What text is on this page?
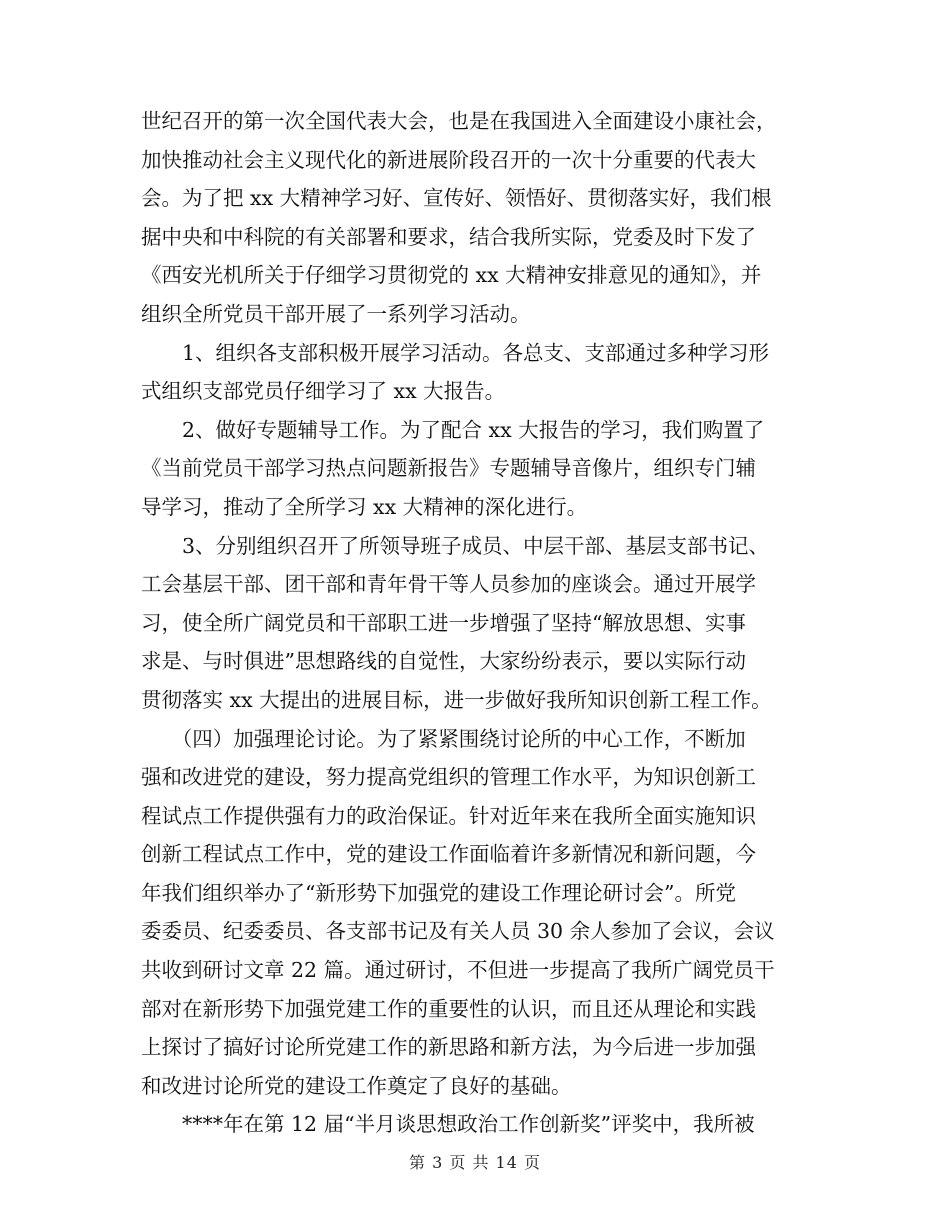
世纪召开的第一次全国代表大会，也是在我国进入全面建设小康社会，
加快推动社会主义现代化的新进展阶段召开的一次十分重要的代表大
会。为了把 xx 大精神学习好、宣传好、领悟好、贯彻落实好，我们根
据中央和中科院的有关部署和要求，结合我所实际，党委及时下发了
《西安光机所关于仔细学习贯彻党的 xx 大精神安排意见的通知》，并
组织全所党员干部开展了一系列学习活动。
　　1、组织各支部积极开展学习活动。各总支、支部通过多种学习形
式组织支部党员仔细学习了 xx 大报告。
　　2、做好专题辅导工作。为了配合 xx 大报告的学习，我们购置了
《当前党员干部学习热点问题新报告》专题辅导音像片，组织专门辅
导学习，推动了全所学习 xx 大精神的深化进行。
　　3、分别组织召开了所领导班子成员、中层干部、基层支部书记、
工会基层干部、团干部和青年骨干等人员参加的座谈会。通过开展学
习，使全所广阔党员和干部职工进一步增强了坚持“解放思想、实事
求是、与时俱进”思想路线的自觉性，大家纷纷表示，要以实际行动
贯彻落实 xx 大提出的进展目标，进一步做好我所知识创新工程工作。
　　（四）加强理论讨论。为了紧紧围绕讨论所的中心工作，不断加
强和改进党的建设，努力提高党组织的管理工作水平，为知识创新工
程试点工作提供强有力的政治保证。针对近年来在我所全面实施知识
创新工程试点工作中，党的建设工作面临着许多新情况和新问题，今
年我们组织举办了“新形势下加强党的建设工作理论研讨会”。所党
委委员、纪委委员、各支部书记及有关人员 30 余人参加了会议，会议
共收到研讨文章 22 篇。通过研讨，不但进一步提高了我所广阔党员干
部对在新形势下加强党建工作的重要性的认识，而且还从理论和实践
上探讨了搞好讨论所党建工作的新思路和新方法，为今后进一步加强
和改进讨论所党的建设工作奠定了良好的基础。
　　****年在第 12 届“半月谈思想政治工作创新奖”评奖中，我所被
第 3 页 共 14 页
